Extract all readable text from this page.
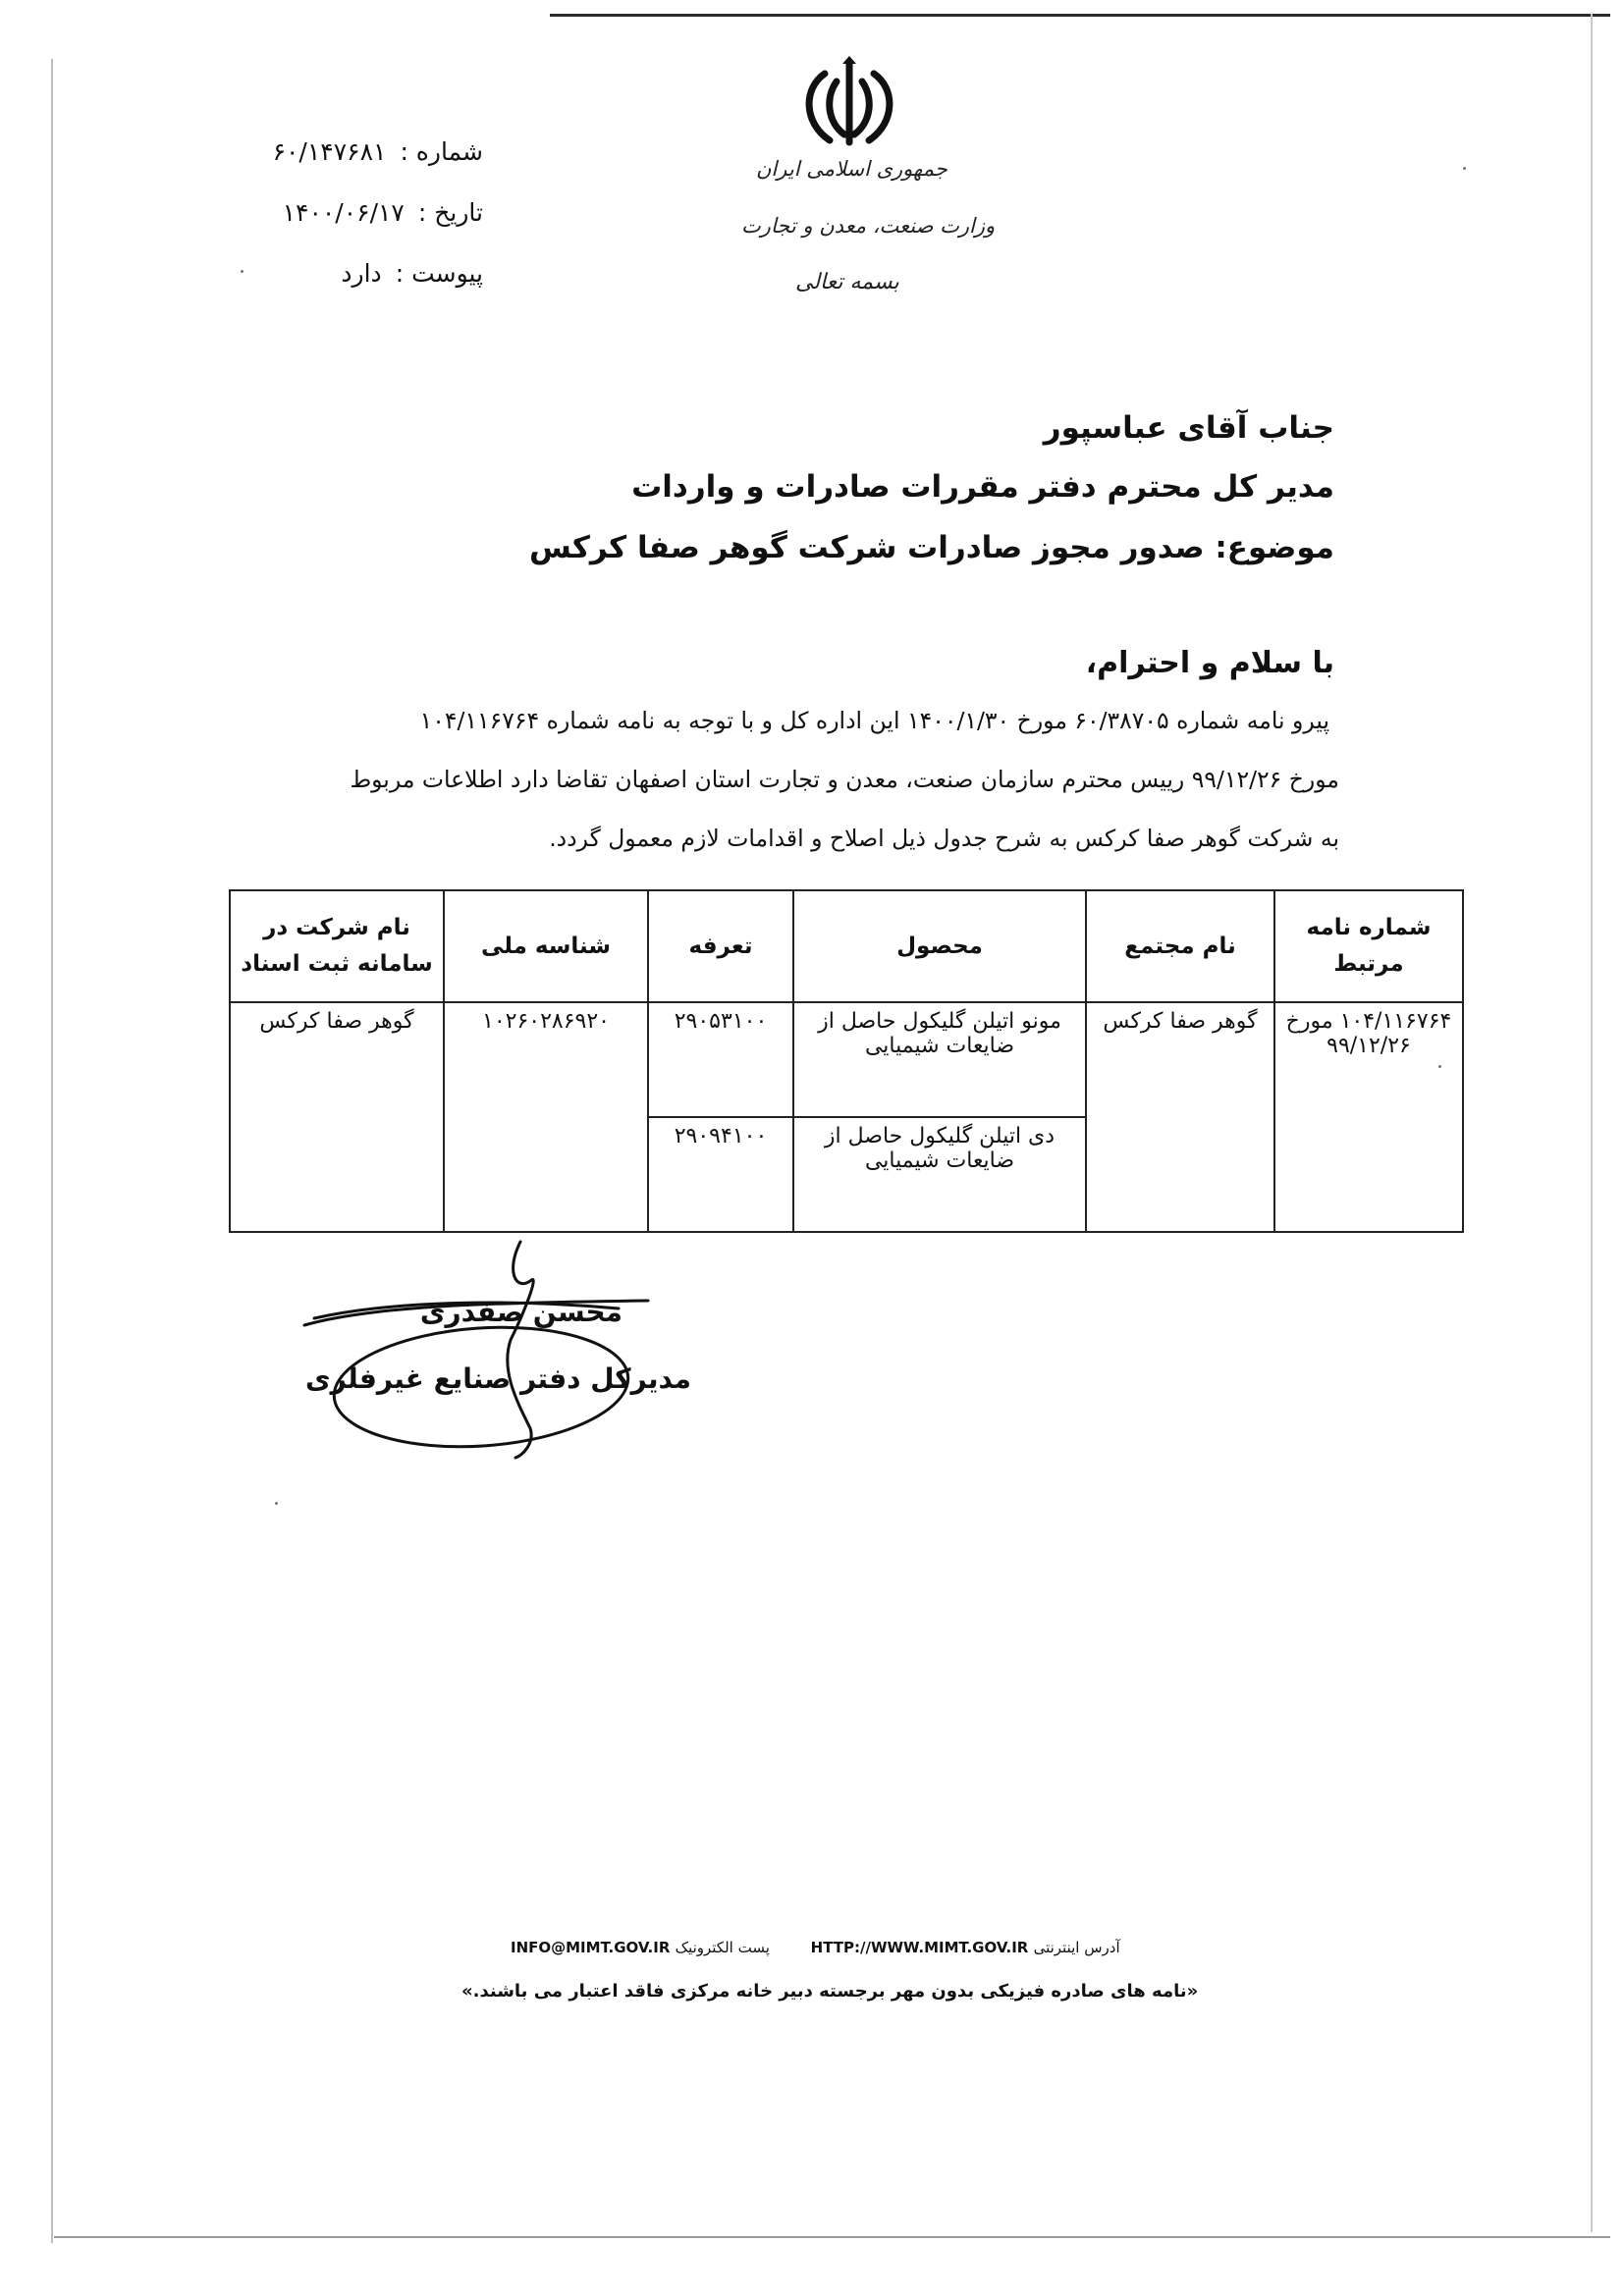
جمهوری اسلامی ایران
وزارت صنعت، معدن و تجارت
بسمه تعالی
شماره :۶۰/۱۴۷۶۸۱
تاریخ :۱۴۰۰/۰۶/۱۷
پیوست :دارد
جناب آقای عباسپور
مدیر کل محترم دفتر مقررات صادرات و واردات
موضوع: صدور مجوز صادرات شرکت گوهر صفا کرکس
با سلام و احترام،
پیرو نامه شماره ۶۰/۳۸۷۰۵ مورخ ۱۴۰۰/۱/۳۰ این اداره کل و با توجه به نامه شماره ۱۰۴/۱۱۶۷۶۴
مورخ ۹۹/۱۲/۲۶ رییس محترم سازمان صنعت، معدن و تجارت استان اصفهان تقاضا دارد اطلاعات مربوط
به شرکت گوهر صفا کرکس به شرح جدول ذیل اصلاح و اقدامات لازم معمول گردد.
شماره نامه مرتبط	نام مجتمع	محصول	تعرفه	شناسه ملی	نام شرکت در سامانه ثبت اسناد
۱۰۴/۱۱۶۷۶۴ مورخ ۹۹/۱۲/۲۶	گوهر صفا کرکس	مونو اتیلن گلیکول حاصل از ضایعات شیمیایی	۲۹۰۵۳۱۰۰	۱۰۲۶۰۲۸۶۹۲۰	گوهر صفا کرکس
		دی اتیلن گلیکول حاصل از ضایعات شیمیایی	۲۹۰۹۴۱۰۰		
محسن صفدری
مدیرکل دفتر صنایع غیرفلزی
INFO@MIMT.GOV.IR پست الکترونیک	HTTP://WWW.MIMT.GOV.IR آدرس اینترنتی
«نامه های صادره فیزیکی بدون مهر برجسته دبیر خانه مرکزی فاقد اعتبار می باشند.»
